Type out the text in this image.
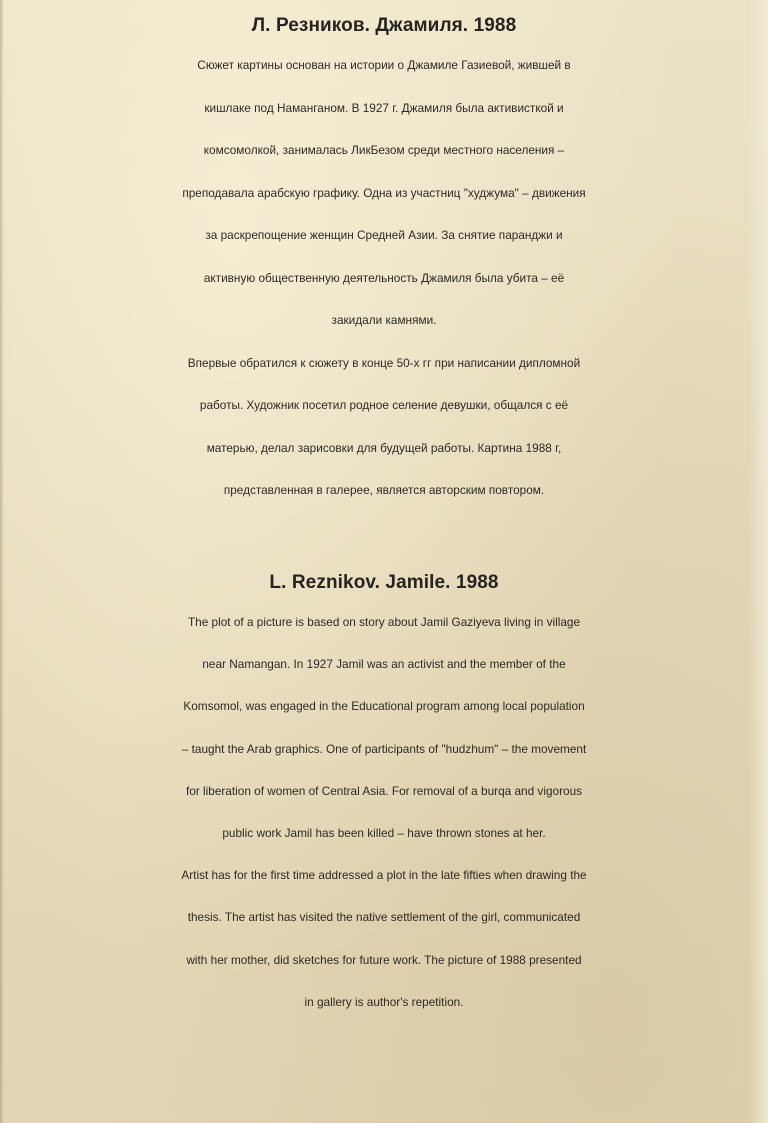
Л. Резников. Джамиля. 1988

Сюжет картины основан на истории о Джамиле Газиевой, жившей в
кишлаке под Наманганом. В 1927 г. Джамиля была активисткой и
комсомолкой, занималась ЛикБезом среди местного населения –
преподавала арабскую графику. Одна из участниц "худжума" – движения
за раскрепощение женщин Средней Азии. За снятие паранджи и
активную общественную деятельность Джамиля была убита – её
закидали камнями.

Впервые обратился к сюжету в конце 50-х гг при написании дипломной
работы. Художник посетил родное селение девушки, общался с её
матерью, делал зарисовки для будущей работы. Картина 1988 г,
представленная в галерее, является авторским повтором.

L. Reznikov. Jamile. 1988

The plot of a picture is based on story about Jamil Gaziyeva living in village
near Namangan. In 1927 Jamil was an activist and the member of the
Komsomol, was engaged in the Educational program among local population
– taught the Arab graphics. One of participants of "hudzhum" – the movement
for liberation of women of Central Asia. For removal of a burqa and vigorous
public work Jamil has been killed – have thrown stones at her.

Artist has for the first time addressed a plot in the late fifties when drawing the
thesis. The artist has visited the native settlement of the girl, communicated
with her mother, did sketches for future work. The picture of 1988 presented
in gallery is author's repetition.
